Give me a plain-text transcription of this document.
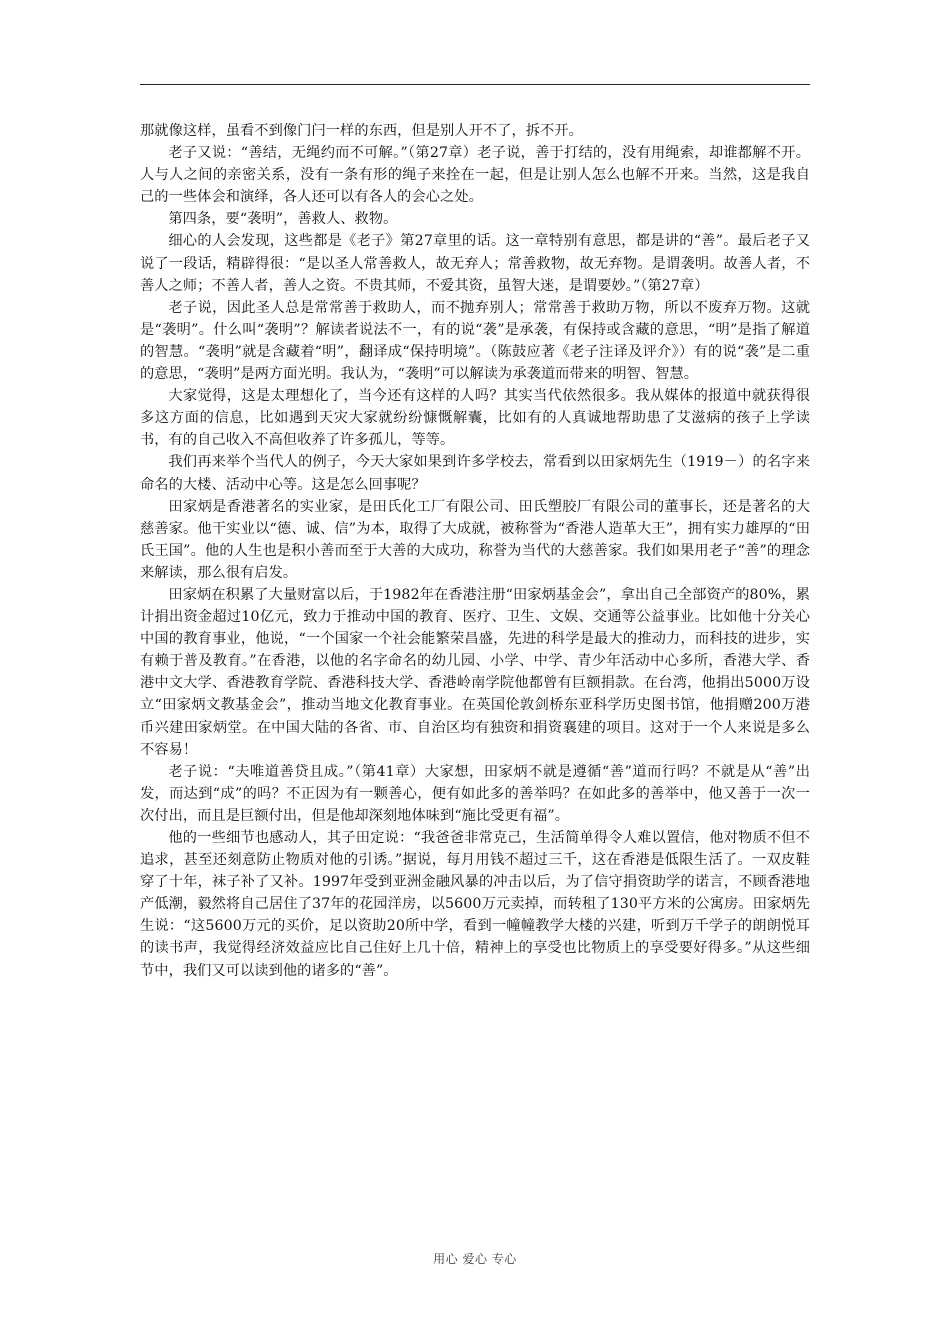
那就像这样，虽看不到像门闩一样的东西，但是别人开不了，拆不开。

老子又说：“善结，无绳约而不可解。”（第27章）老子说，善于打结的，没有用绳索，却谁都解不开。人与人之间的亲密关系，没有一条有形的绳子来拴在一起，但是让别人怎么也解不开来。当然，这是我自己的一些体会和演绎，各人还可以有各人的会心之处。

第四条，要“袭明”，善救人、救物。

细心的人会发现，这些都是《老子》第27章里的话。这一章特别有意思，都是讲的“善”。最后老子又说了一段话，精辟得很：“是以圣人常善救人，故无弃人；常善救物，故无弃物。是谓袭明。故善人者，不善人之师；不善人者，善人之资。不贵其师，不爱其资，虽智大迷，是谓要妙。”（第27章）

老子说，因此圣人总是常常善于救助人，而不抛弃别人；常常善于救助万物，所以不废弃万物。这就是“袭明”。什么叫“袭明”？解读者说法不一，有的说“袭”是承袭，有保持或含藏的意思，“明”是指了解道的智慧。“袭明”就是含藏着“明”，翻译成“保持明境”。（陈鼓应著《老子注译及评介》）有的说“袭”是二重的意思，“袭明”是两方面光明。我认为，“袭明”可以解读为承袭道而带来的明智、智慧。

大家觉得，这是太理想化了，当今还有这样的人吗？其实当代依然很多。我从媒体的报道中就获得很多这方面的信息，比如遇到天灾大家就纷纷慷慨解囊，比如有的人真诚地帮助患了艾滋病的孩子上学读书，有的自己收入不高但收养了许多孤儿，等等。

我们再来举个当代人的例子，今天大家如果到许多学校去，常看到以田家炳先生（1919－）的名字来命名的大楼、活动中心等。这是怎么回事呢？

田家炳是香港著名的实业家，是田氏化工厂有限公司、田氏塑胶厂有限公司的董事长，还是著名的大慈善家。他干实业以“德、诚、信”为本，取得了大成就，被称誉为“香港人造革大王”，拥有实力雄厚的“田氏王国”。他的人生也是积小善而至于大善的大成功，称誉为当代的大慈善家。我们如果用老子“善”的理念来解读，那么很有启发。

田家炳在积累了大量财富以后，于1982年在香港注册“田家炳基金会”，拿出自己全部资产的80%，累计捐出资金超过10亿元，致力于推动中国的教育、医疗、卫生、文娱、交通等公益事业。比如他十分关心中国的教育事业，他说，“一个国家一个社会能繁荣昌盛，先进的科学是最大的推动力，而科技的进步，实有赖于普及教育。”在香港，以他的名字命名的幼儿园、小学、中学、青少年活动中心多所，香港大学、香港中文大学、香港教育学院、香港科技大学、香港岭南学院他都曾有巨额捐款。在台湾，他捐出5000万设立“田家炳文教基金会”，推动当地文化教育事业。在英国伦敦剑桥东亚科学历史图书馆，他捐赠200万港币兴建田家炳堂。在中国大陆的各省、市、自治区均有独资和捐资襄建的项目。这对于一个人来说是多么不容易！

老子说：“夫唯道善贷且成。”（第41章）大家想，田家炳不就是遵循“善”道而行吗？不就是从“善”出发，而达到“成”的吗？不正因为有一颗善心，便有如此多的善举吗？在如此多的善举中，他又善于一次一次付出，而且是巨额付出，但是他却深刻地体味到“施比受更有福”。

他的一些细节也感动人，其子田定说：“我爸爸非常克己，生活简单得令人难以置信，他对物质不但不追求，甚至还刻意防止物质对他的引诱。”据说，每月用钱不超过三千，这在香港是低限生活了。一双皮鞋穿了十年，袜子补了又补。1997年受到亚洲金融风暴的冲击以后，为了信守捐资助学的诺言，不顾香港地产低潮，毅然将自己居住了37年的花园洋房，以5600万元卖掉，而转租了130平方米的公寓房。田家炳先生说：“这5600万元的买价，足以资助20所中学，看到一幢幢教学大楼的兴建，听到万千学子的朗朗悦耳的读书声，我觉得经济效益应比自己住好上几十倍，精神上的享受也比物质上的享受要好得多。”从这些细节中，我们又可以读到他的诸多的“善”。

用心 爱心 专心
